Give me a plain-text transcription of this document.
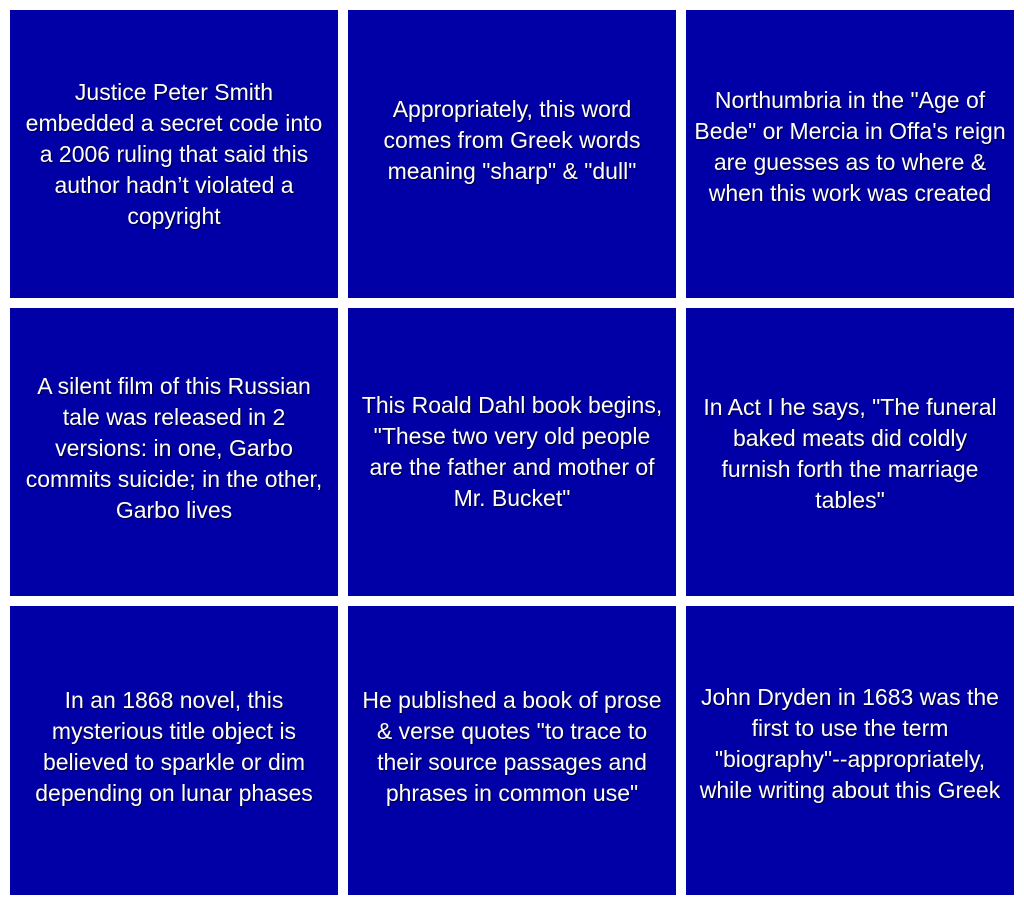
Justice Peter Smith embedded a secret code into a 2006 ruling that said this author hadn’t violated a copyright
Appropriately, this word comes from Greek words meaning "sharp" & "dull"
Northumbria in the "Age of Bede" or Mercia in Offa's reign are guesses as to where & when this work was created
A silent film of this Russian tale was released in 2 versions: in one, Garbo commits suicide; in the other, Garbo lives
This Roald Dahl book begins, "These two very old people are the father and mother of Mr. Bucket"
In Act I he says, "The funeral baked meats did coldly furnish forth the marriage tables"
In an 1868 novel, this mysterious title object is believed to sparkle or dim depending on lunar phases
He published a book of prose & verse quotes "to trace to their source passages and phrases in common use"
John Dryden in 1683 was the first to use the term "biography"--appropriately, while writing about this Greek
